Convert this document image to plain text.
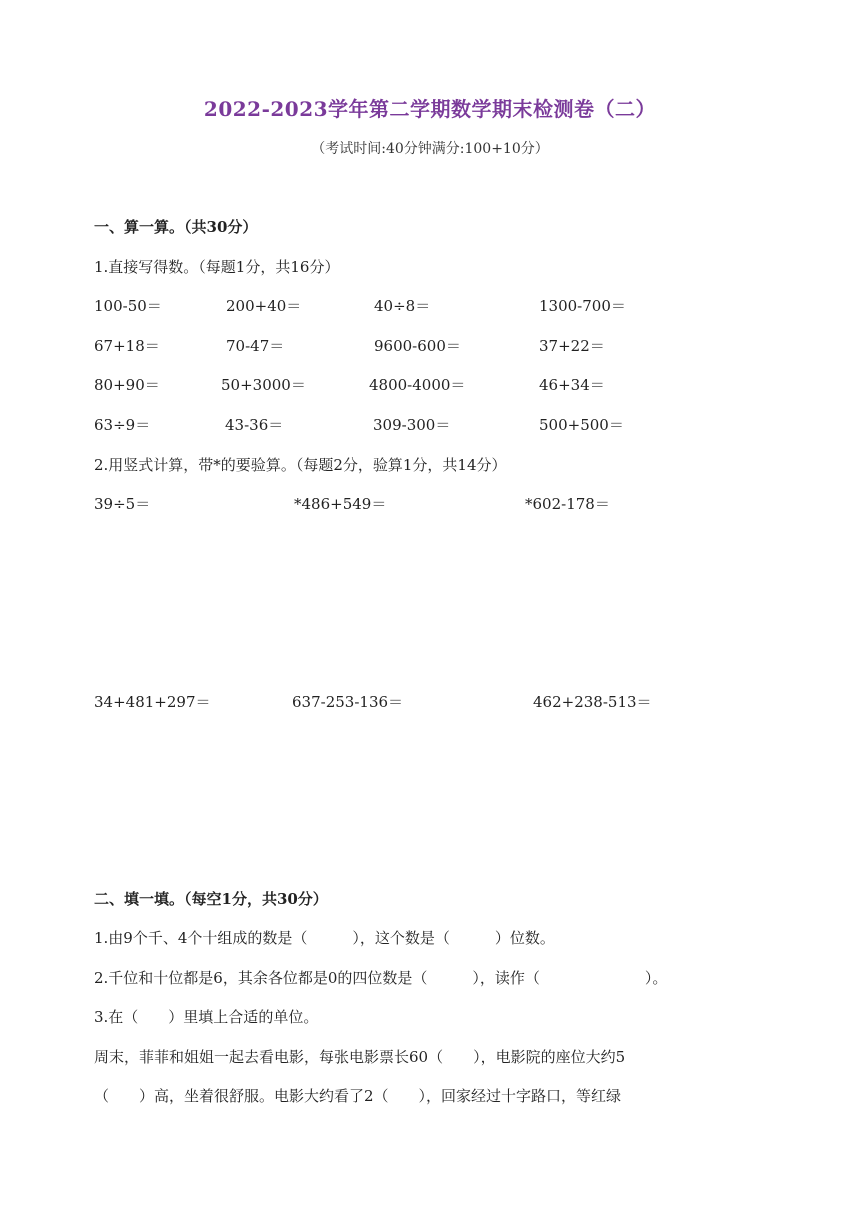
2022-2023学年第二学期数学期末检测卷（二）
（考试时间:40分钟满分:100+10分）
一、算一算。（共30分）
1.直接写得数。（每题1分，共16分）
100-50＝	200+40＝	40÷8＝	1300-700＝
67+18＝	70-47＝	9600-600＝	37+22＝
80+90＝	50+3000＝	4800-4000＝	46+34＝
63÷9＝	43-36＝	309-300＝	500+500＝
2.用竖式计算，带*的要验算。（每题2分，验算1分，共14分）
39÷5＝	*486+549＝	*602-178＝
34+481+297＝	637-253-136＝	462+238-513＝
二、填一填。（每空1分，共30分）
1.由9个千、4个十组成的数是（　　　），这个数是（　　　）位数。
2.千位和十位都是6，其余各位都是0的四位数是（　　　），读作（　　　　　　　）。
3.在（　　）里填上合适的单位。
周末，菲菲和姐姐一起去看电影，每张电影票长60（　　），电影院的座位大约5
（　　）高，坐着很舒服。电影大约看了2（　　），回家经过十字路口，等红绿
